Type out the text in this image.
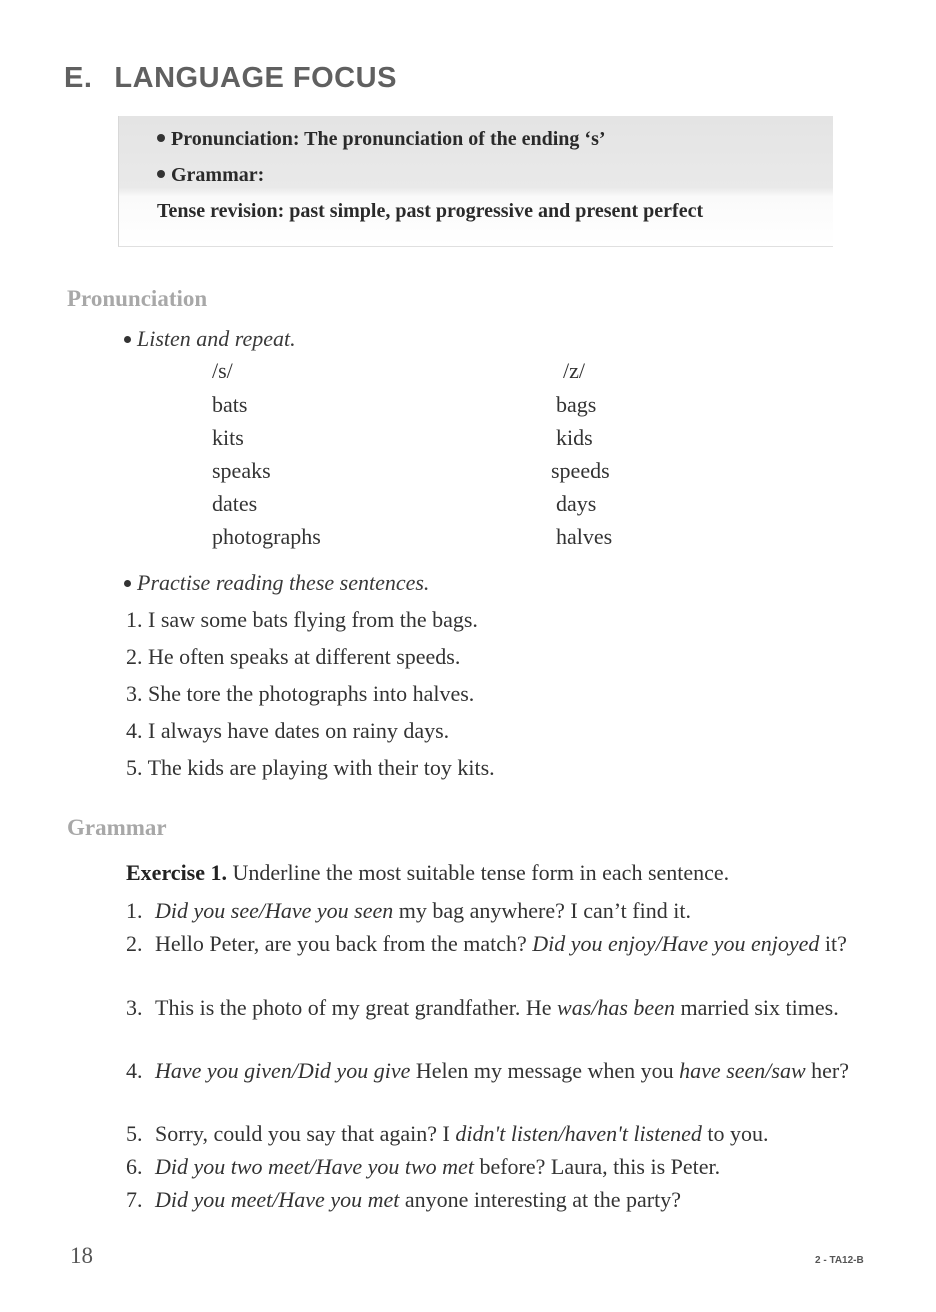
E. LANGUAGE FOCUS
Pronunciation: The pronunciation of the ending ‘s’
Grammar:
Tense revision: past simple, past progressive and present perfect
Pronunciation
Listen and repeat.
/s/	/z/
bats
kits
speaks
dates
photographs
bags
kids
speeds
days
halves
Practise reading these sentences.
1. I saw some bats flying from the bags.
2. He often speaks at different speeds.
3. She tore the photographs into halves.
4. I always have dates on rainy days.
5. The kids are playing with their toy kits.
Grammar
Exercise 1. Underline the most suitable tense form in each sentence.
1. Did you see/Have you seen my bag anywhere? I can’t find it.
2. Hello Peter, are you back from the match? Did you enjoy/Have you enjoyed it?
3. This is the photo of my great grandfather. He was/has been married six times.
4. Have you given/Did you give Helen my message when you have seen/saw her?
5. Sorry, could you say that again? I didn't listen/haven't listened to you.
6. Did you two meet/Have you two met before? Laura, this is Peter.
7. Did you meet/Have you met anyone interesting at the party?
18	2 - TA12-B
